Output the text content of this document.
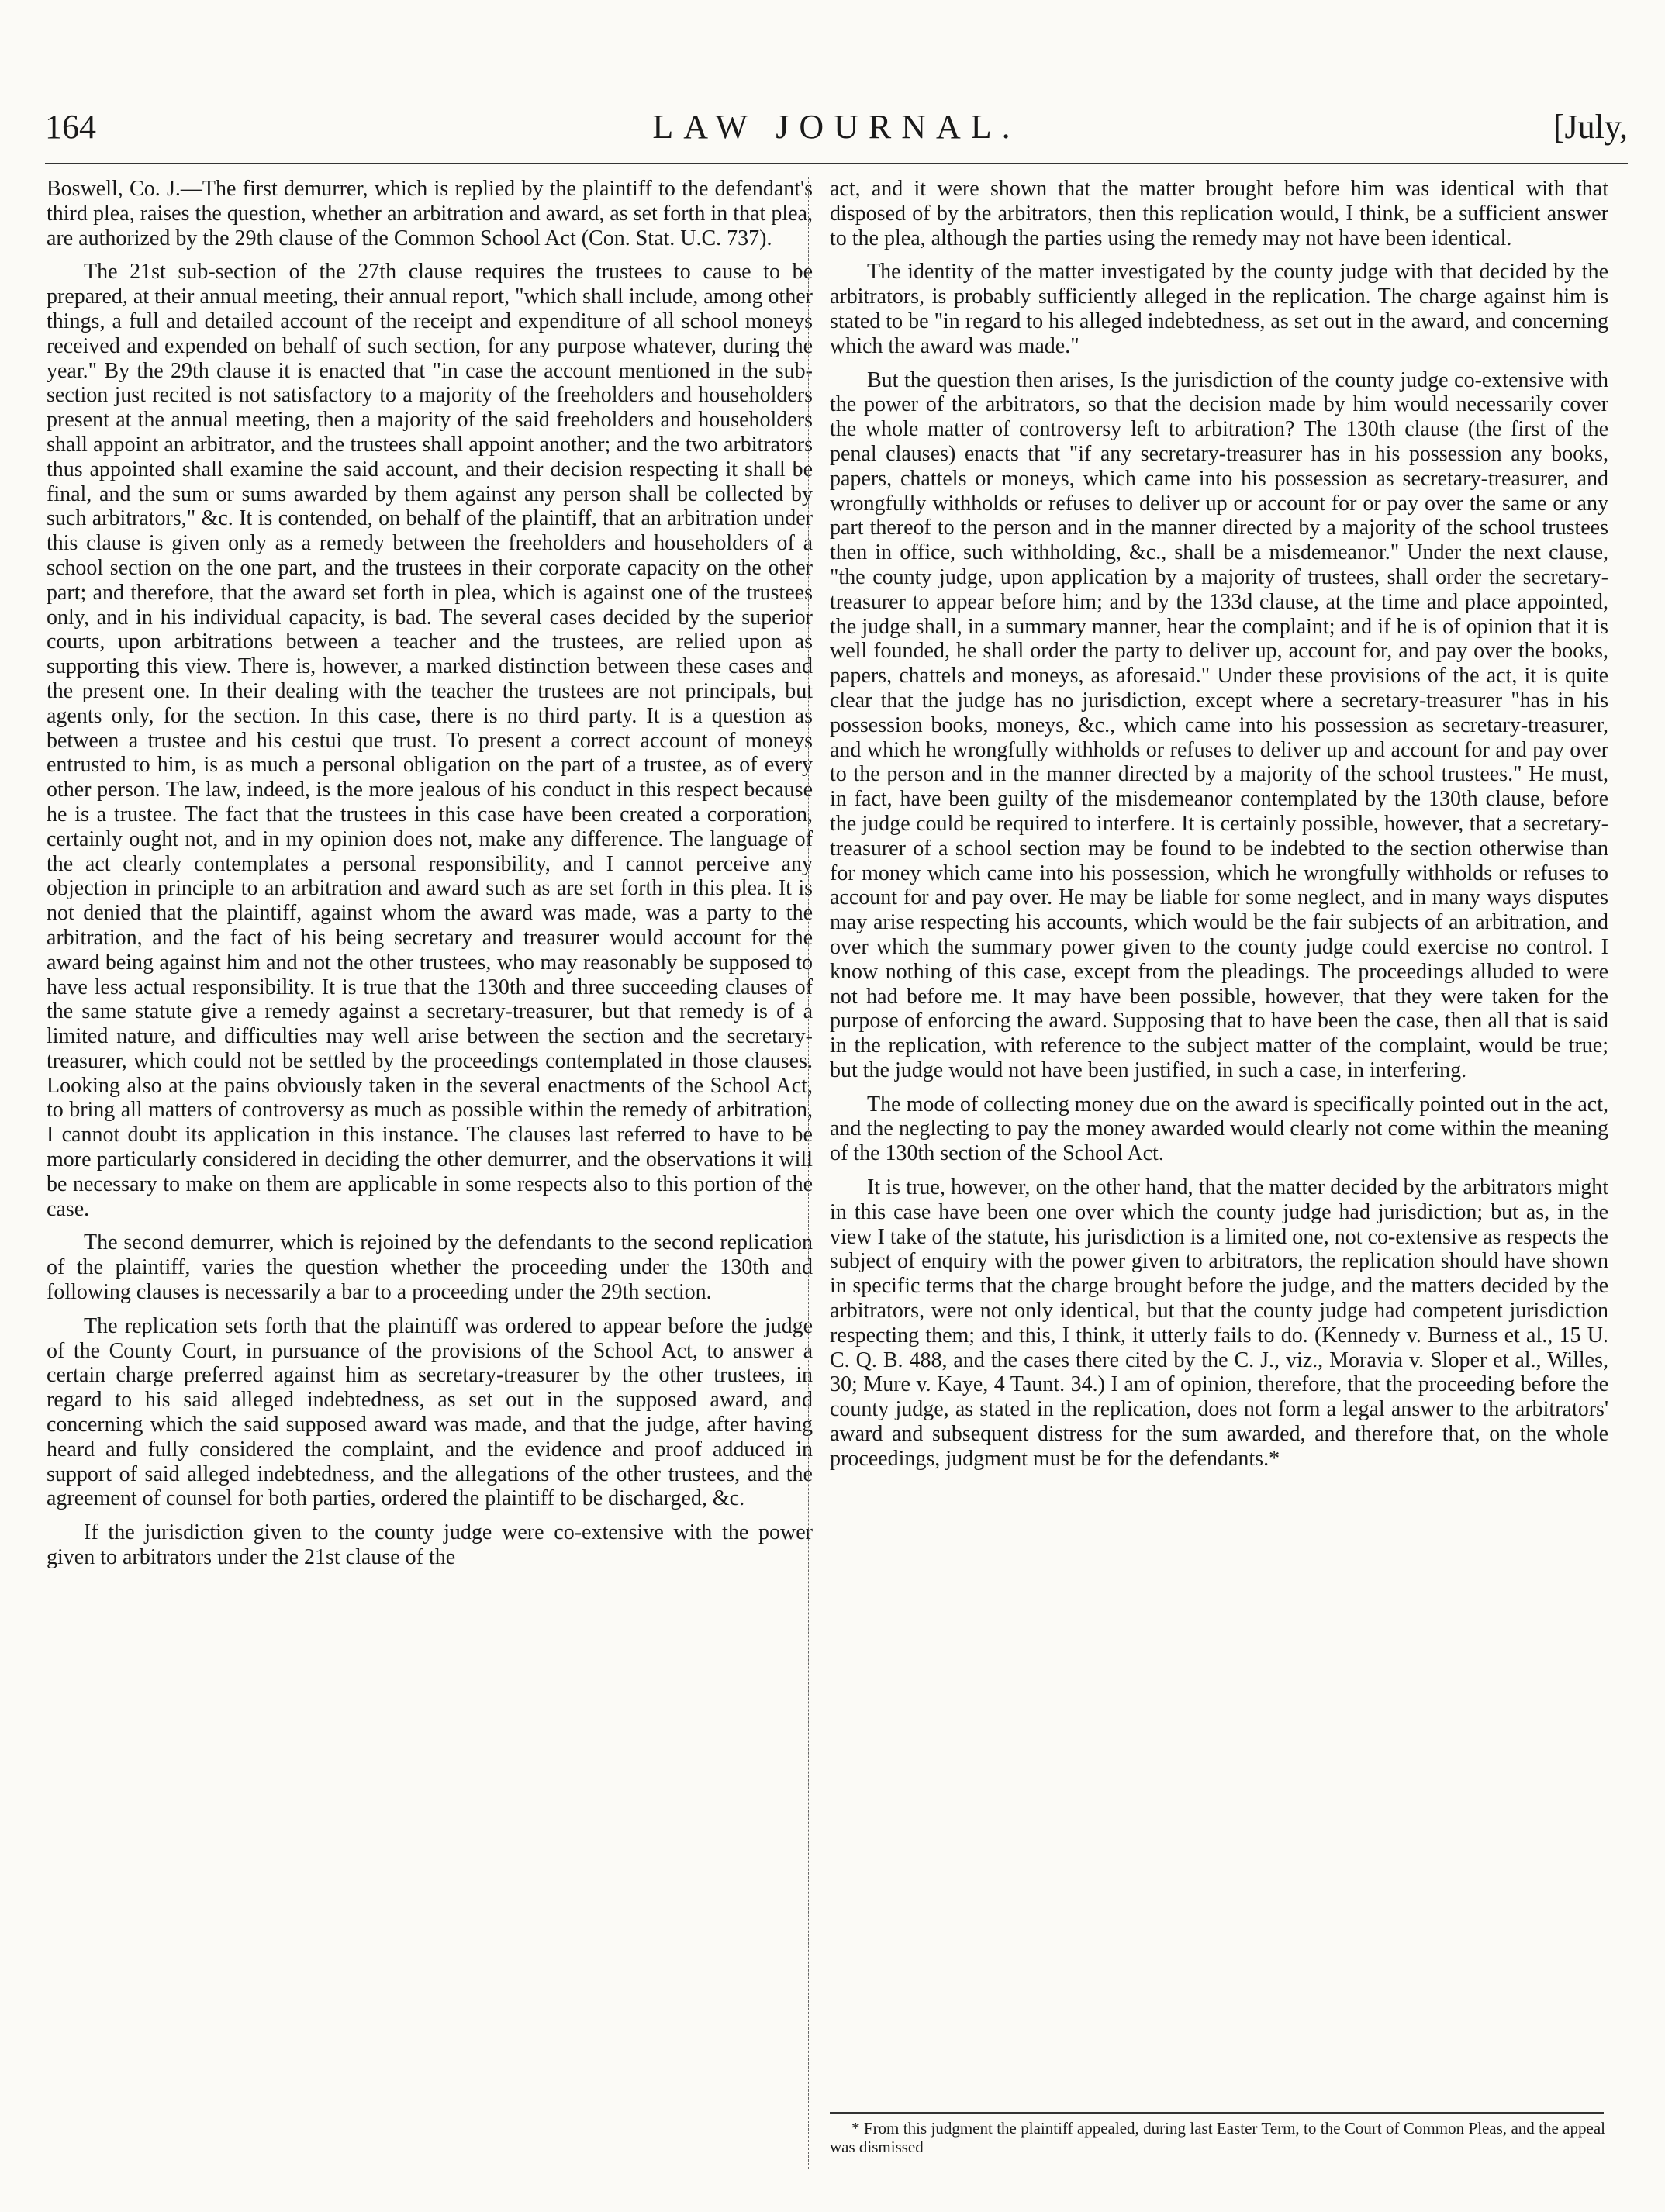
164	LAW JOURNAL.	[July,

Boswell, Co. J.—The first demurrer, which is replied by the plaintiff to the defendant's third plea, raises the question, whether an arbitration and award, as set forth in that plea, are authorized by the 29th clause of the Common School Act (Con. Stat. U.C. 737).

The 21st sub-section of the 27th clause requires the trustees to cause to be prepared, at their annual meeting, their annual report, "which shall include, among other things, a full and detailed account of the receipt and expenditure of all school moneys received and expended on behalf of such section, for any purpose whatever, during the year." By the 29th clause it is enacted that "in case the account mentioned in the sub-section just recited is not satisfactory to a majority of the freeholders and householders present at the annual meeting, then a majority of the said freeholders and householders shall appoint an arbitrator, and the trustees shall appoint another; and the two arbitrators thus appointed shall examine the said account, and their decision respecting it shall be final, and the sum or sums awarded by them against any person shall be collected by such arbitrators," &c. It is contended, on behalf of the plaintiff, that an arbitration under this clause is given only as a remedy between the freeholders and householders of a school section on the one part, and the trustees in their corporate capacity on the other part; and therefore, that the award set forth in plea, which is against one of the trustees only, and in his individual capacity, is bad. The several cases decided by the superior courts, upon arbitrations between a teacher and the trustees, are relied upon as supporting this view. There is, however, a marked distinction between these cases and the present one. In their dealing with the teacher the trustees are not principals, but agents only, for the section. In this case, there is no third party. It is a question as between a trustee and his cestui que trust. To present a correct account of moneys entrusted to him, is as much a personal obligation on the part of a trustee, as of every other person. The law, indeed, is the more jealous of his conduct in this respect because he is a trustee. The fact that the trustees in this case have been created a corporation, certainly ought not, and in my opinion does not, make any difference. The language of the act clearly contemplates a personal responsibility, and I cannot perceive any objection in principle to an arbitration and award such as are set forth in this plea. It is not denied that the plaintiff, against whom the award was made, was a party to the arbitration, and the fact of his being secretary and treasurer would account for the award being against him and not the other trustees, who may reasonably be supposed to have less actual responsibility. It is true that the 130th and three succeeding clauses of the same statute give a remedy against a secretary-treasurer, but that remedy is of a limited nature, and difficulties may well arise between the section and the secretary-treasurer, which could not be settled by the proceedings contemplated in those clauses. Looking also at the pains obviously taken in the several enactments of the School Act, to bring all matters of controversy as much as possible within the remedy of arbitration, I cannot doubt its application in this instance. The clauses last referred to have to be more particularly considered in deciding the other demurrer, and the observations it will be necessary to make on them are applicable in some respects also to this portion of the case.

The second demurrer, which is rejoined by the defendants to the second replication of the plaintiff, varies the question whether the proceeding under the 130th and following clauses is necessarily a bar to a proceeding under the 29th section.

The replication sets forth that the plaintiff was ordered to appear before the judge of the County Court, in pursuance of the provisions of the School Act, to answer a certain charge preferred against him as secretary-treasurer by the other trustees, in regard to his said alleged indebtedness, as set out in the supposed award, and concerning which the said supposed award was made, and that the judge, after having heard and fully considered the complaint, and the evidence and proof adduced in support of said alleged indebtedness, and the allegations of the other trustees, and the agreement of counsel for both parties, ordered the plaintiff to be discharged, &c.

If the jurisdiction given to the county judge were co-extensive with the power given to arbitrators under the 21st clause of the

act, and it were shown that the matter brought before him was identical with that disposed of by the arbitrators, then this replication would, I think, be a sufficient answer to the plea, although the parties using the remedy may not have been identical.

The identity of the matter investigated by the county judge with that decided by the arbitrators, is probably sufficiently alleged in the replication. The charge against him is stated to be "in regard to his alleged indebtedness, as set out in the award, and concerning which the award was made."

But the question then arises, Is the jurisdiction of the county judge co-extensive with the power of the arbitrators, so that the decision made by him would necessarily cover the whole matter of controversy left to arbitration? The 130th clause (the first of the penal clauses) enacts that "if any secretary-treasurer has in his possession any books, papers, chattels or moneys, which came into his possession as secretary-treasurer, and wrongfully withholds or refuses to deliver up or account for or pay over the same or any part thereof to the person and in the manner directed by a majority of the school trustees then in office, such withholding, &c., shall be a misdemeanor." Under the next clause, "the county judge, upon application by a majority of trustees, shall order the secretary-treasurer to appear before him; and by the 133d clause, at the time and place appointed, the judge shall, in a summary manner, hear the complaint; and if he is of opinion that it is well founded, he shall order the party to deliver up, account for, and pay over the books, papers, chattels and moneys, as aforesaid." Under these provisions of the act, it is quite clear that the judge has no jurisdiction, except where a secretary-treasurer "has in his possession books, moneys, &c., which came into his possession as secretary-treasurer, and which he wrongfully withholds or refuses to deliver up and account for and pay over to the person and in the manner directed by a majority of the school trustees." He must, in fact, have been guilty of the misdemeanor contemplated by the 130th clause, before the judge could be required to interfere. It is certainly possible, however, that a secretary-treasurer of a school section may be found to be indebted to the section otherwise than for money which came into his possession, which he wrongfully withholds or refuses to account for and pay over. He may be liable for some neglect, and in many ways disputes may arise respecting his accounts, which would be the fair subjects of an arbitration, and over which the summary power given to the county judge could exercise no control. I know nothing of this case, except from the pleadings. The proceedings alluded to were not had before me. It may have been possible, however, that they were taken for the purpose of enforcing the award. Supposing that to have been the case, then all that is said in the replication, with reference to the subject matter of the complaint, would be true; but the judge would not have been justified, in such a case, in interfering.

The mode of collecting money due on the award is specifically pointed out in the act, and the neglecting to pay the money awarded would clearly not come within the meaning of the 130th section of the School Act.

It is true, however, on the other hand, that the matter decided by the arbitrators might in this case have been one over which the county judge had jurisdiction; but as, in the view I take of the statute, his jurisdiction is a limited one, not co-extensive as respects the subject of enquiry with the power given to arbitrators, the replication should have shown in specific terms that the charge brought before the judge, and the matters decided by the arbitrators, were not only identical, but that the county judge had competent jurisdiction respecting them; and this, I think, it utterly fails to do. (Kennedy v. Burness et al., 15 U. C. Q. B. 488, and the cases there cited by the C. J., viz., Moravia v. Sloper et al., Willes, 30; Mure v. Kaye, 4 Taunt. 34.) I am of opinion, therefore, that the proceeding before the county judge, as stated in the replication, does not form a legal answer to the arbitrators' award and subsequent distress for the sum awarded, and therefore that, on the whole proceedings, judgment must be for the defendants.*

* From this judgment the plaintiff appealed, during last Easter Term, to the Court of Common Pleas, and the appeal was dismissed
